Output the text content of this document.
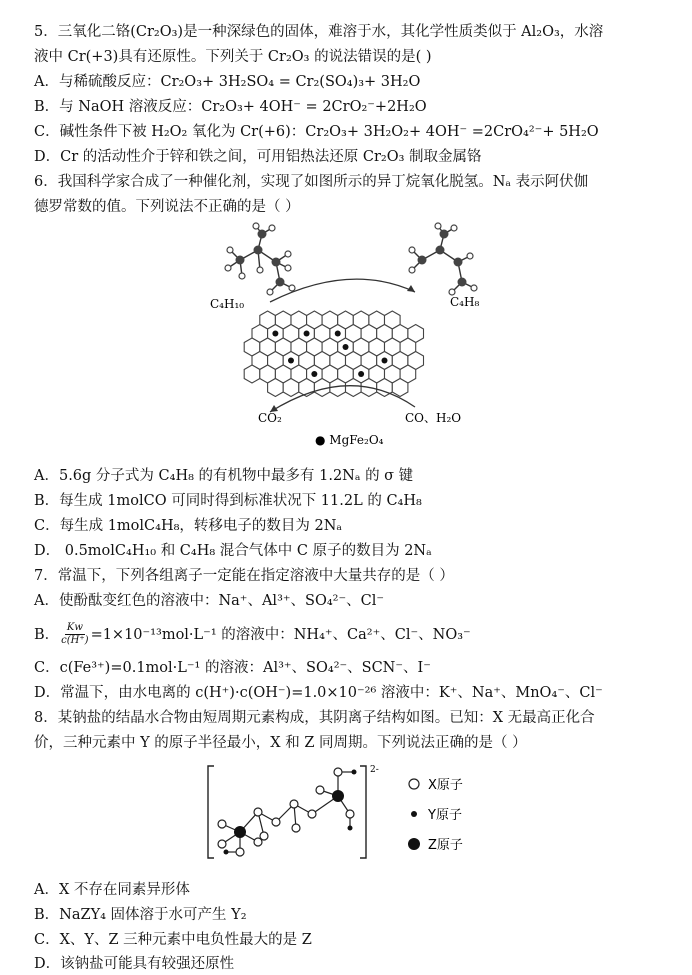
5．三氧化二铬(Cr₂O₃)是一种深绿色的固体，难溶于水，其化学性质类似于 Al₂O₃，水溶
液中 Cr(+3)具有还原性。下列关于 Cr₂O₃ 的说法错误的是( )
A．与稀硫酸反应：Cr₂O₃+ 3H₂SO₄ = Cr₂(SO₄)₃+ 3H₂O
B．与 NaOH 溶液反应：Cr₂O₃+ 4OH⁻ = 2CrO₂⁻+2H₂O
C．碱性条件下被 H₂O₂ 氧化为 Cr(+6)：Cr₂O₃+ 3H₂O₂+ 4OH⁻ =2CrO₄²⁻+ 5H₂O
D．Cr 的活动性介于锌和铁之间，可用铝热法还原 Cr₂O₃ 制取金属铬
6．我国科学家合成了一种催化剂，实现了如图所示的异丁烷氧化脱氢。Nₐ 表示阿伏伽
德罗常数的值。下列说法不正确的是（ ）
C₄H₁₀	C₄H₈
CO₂	CO、H₂O
● MgFe₂O₄
A．5.6g 分子式为 C₄H₈ 的有机物中最多有 1.2Nₐ 的 σ 键
B．每生成 1molCO 可同时得到标准状况下 11.2L 的 C₄H₈
C．每生成 1molC₄H₈，转移电子的数目为 2Nₐ
D． 0.5molC₄H₁₀ 和 C₄H₈ 混合气体中 C 原子的数目为 2Nₐ
7．常温下，下列各组离子一定能在指定溶液中大量共存的是（ ）
A．使酚酞变红色的溶液中：Na⁺、Al³⁺、SO₄²⁻、Cl⁻
B． $\frac{Kw}{c(H^+)} =1\times 10^{-13}mol\cdot L^{-1}$ 的溶液中：NH₄⁺、Ca²⁺、Cl⁻、NO₃⁻
C．c(Fe³⁺)=0.1mol·L⁻¹ 的溶液：Al³⁺、SO₄²⁻、SCN⁻、I⁻
D．常温下，由水电离的 c(H⁺)·c(OH⁻)=1.0×10⁻²⁶ 溶液中：K⁺、Na⁺、MnO₄⁻、Cl⁻
8．某钠盐的结晶水合物由短周期元素构成，其阴离子结构如图。已知：X 无最高正化合
价，三种元素中 Y 的原子半径最小，X 和 Z 同周期。下列说法正确的是（ ）
2-
X原子
Y原子
Z原子
A．X 不存在同素异形体
B．NaZY₄ 固体溶于水可产生 Y₂
C．X、Y、Z 三种元素中电负性最大的是 Z
D．该钠盐可能具有较强还原性
